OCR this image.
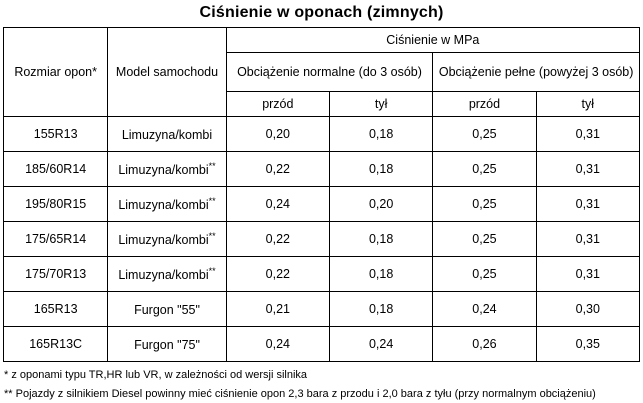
Ciśnienie w oponach (zimnych)
Rozmiar opon*	Model samochodu	Ciśnienie w MPa			
		Obciążenie normalne (do 3 osób)		Obciążenie pełne (powyżej 3 osób)	
		przód	tył	przód	tył
155R13	Limuzyna/kombi	0,20	0,18	0,25	0,31
185/60R14	Limuzyna/kombi**	0,22	0,18	0,25	0,31
195/80R15	Limuzyna/kombi**	0,24	0,20	0,25	0,31
175/65R14	Limuzyna/kombi**	0,22	0,18	0,25	0,31
175/70R13	Limuzyna/kombi**	0,22	0,18	0,25	0,31
165R13	Furgon "55"	0,21	0,18	0,24	0,30
165R13C	Furgon "75"	0,24	0,24	0,26	0,35

* z oponami typu TR,HR lub VR, w zależności od wersji silnika

** Pojazdy z silnikiem Diesel powinny mieć ciśnienie opon 2,3 bara z przodu i 2,0 bara z tyłu (przy normalnym obciążeniu)
